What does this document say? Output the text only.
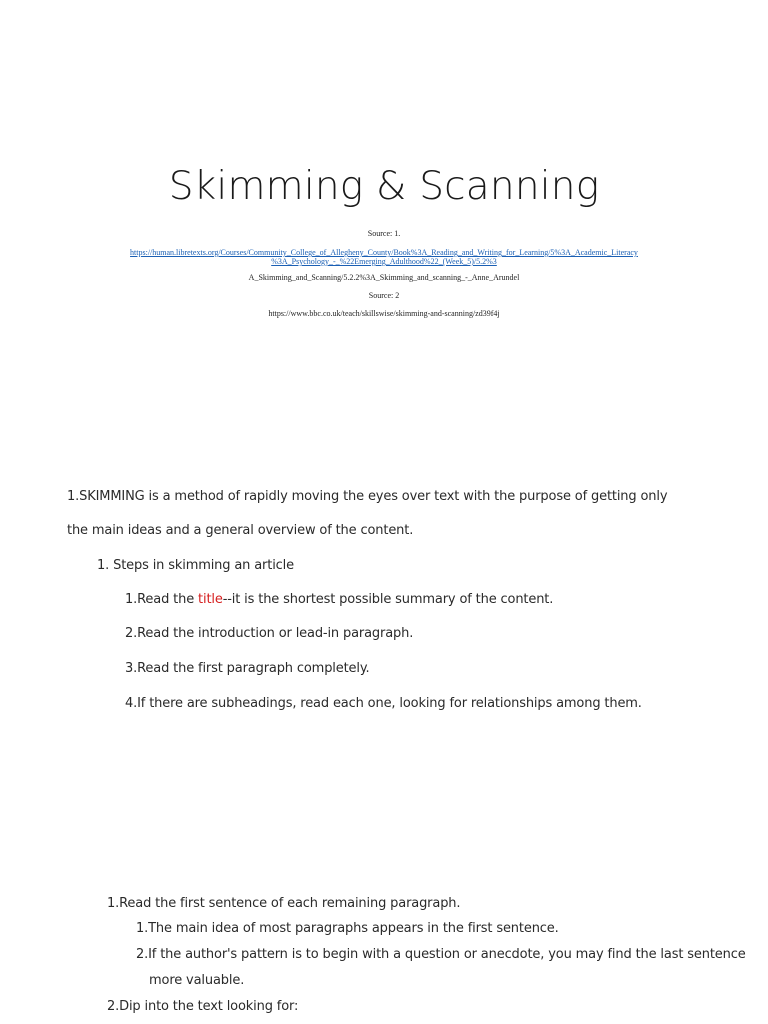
Skimming & Scanning
Source: 1.
https://human.libretexts.org/Courses/Community_College_of_Allegheny_County/Book%3A_Reading_and_Writing_for_Learning/5%3A_Academic_Literacy
%3A_Psychology_-_%22Emerging_Adulthood%22_(Week_5)/5.2%3
A_Skimming_and_Scanning/5.2.2%3A_Skimming_and_scanning_-_Anne_Arundel
Source: 2
https://www.bbc.co.uk/teach/skillswise/skimming-and-scanning/zd39f4j
1.SKIMMING is a method of rapidly moving the eyes over text with the purpose of getting only
the main ideas and a general overview of the content.
1. Steps in skimming an article
1.Read the title--it is the shortest possible summary of the content.
2.Read the introduction or lead-in paragraph.
3.Read the first paragraph completely.
4.If there are subheadings, read each one, looking for relationships among them.
1.Read the first sentence of each remaining paragraph.
1.The main idea of most paragraphs appears in the first sentence.
2.If the author's pattern is to begin with a question or anecdote, you may find the last sentence
more valuable.
2.Dip into the text looking for:
